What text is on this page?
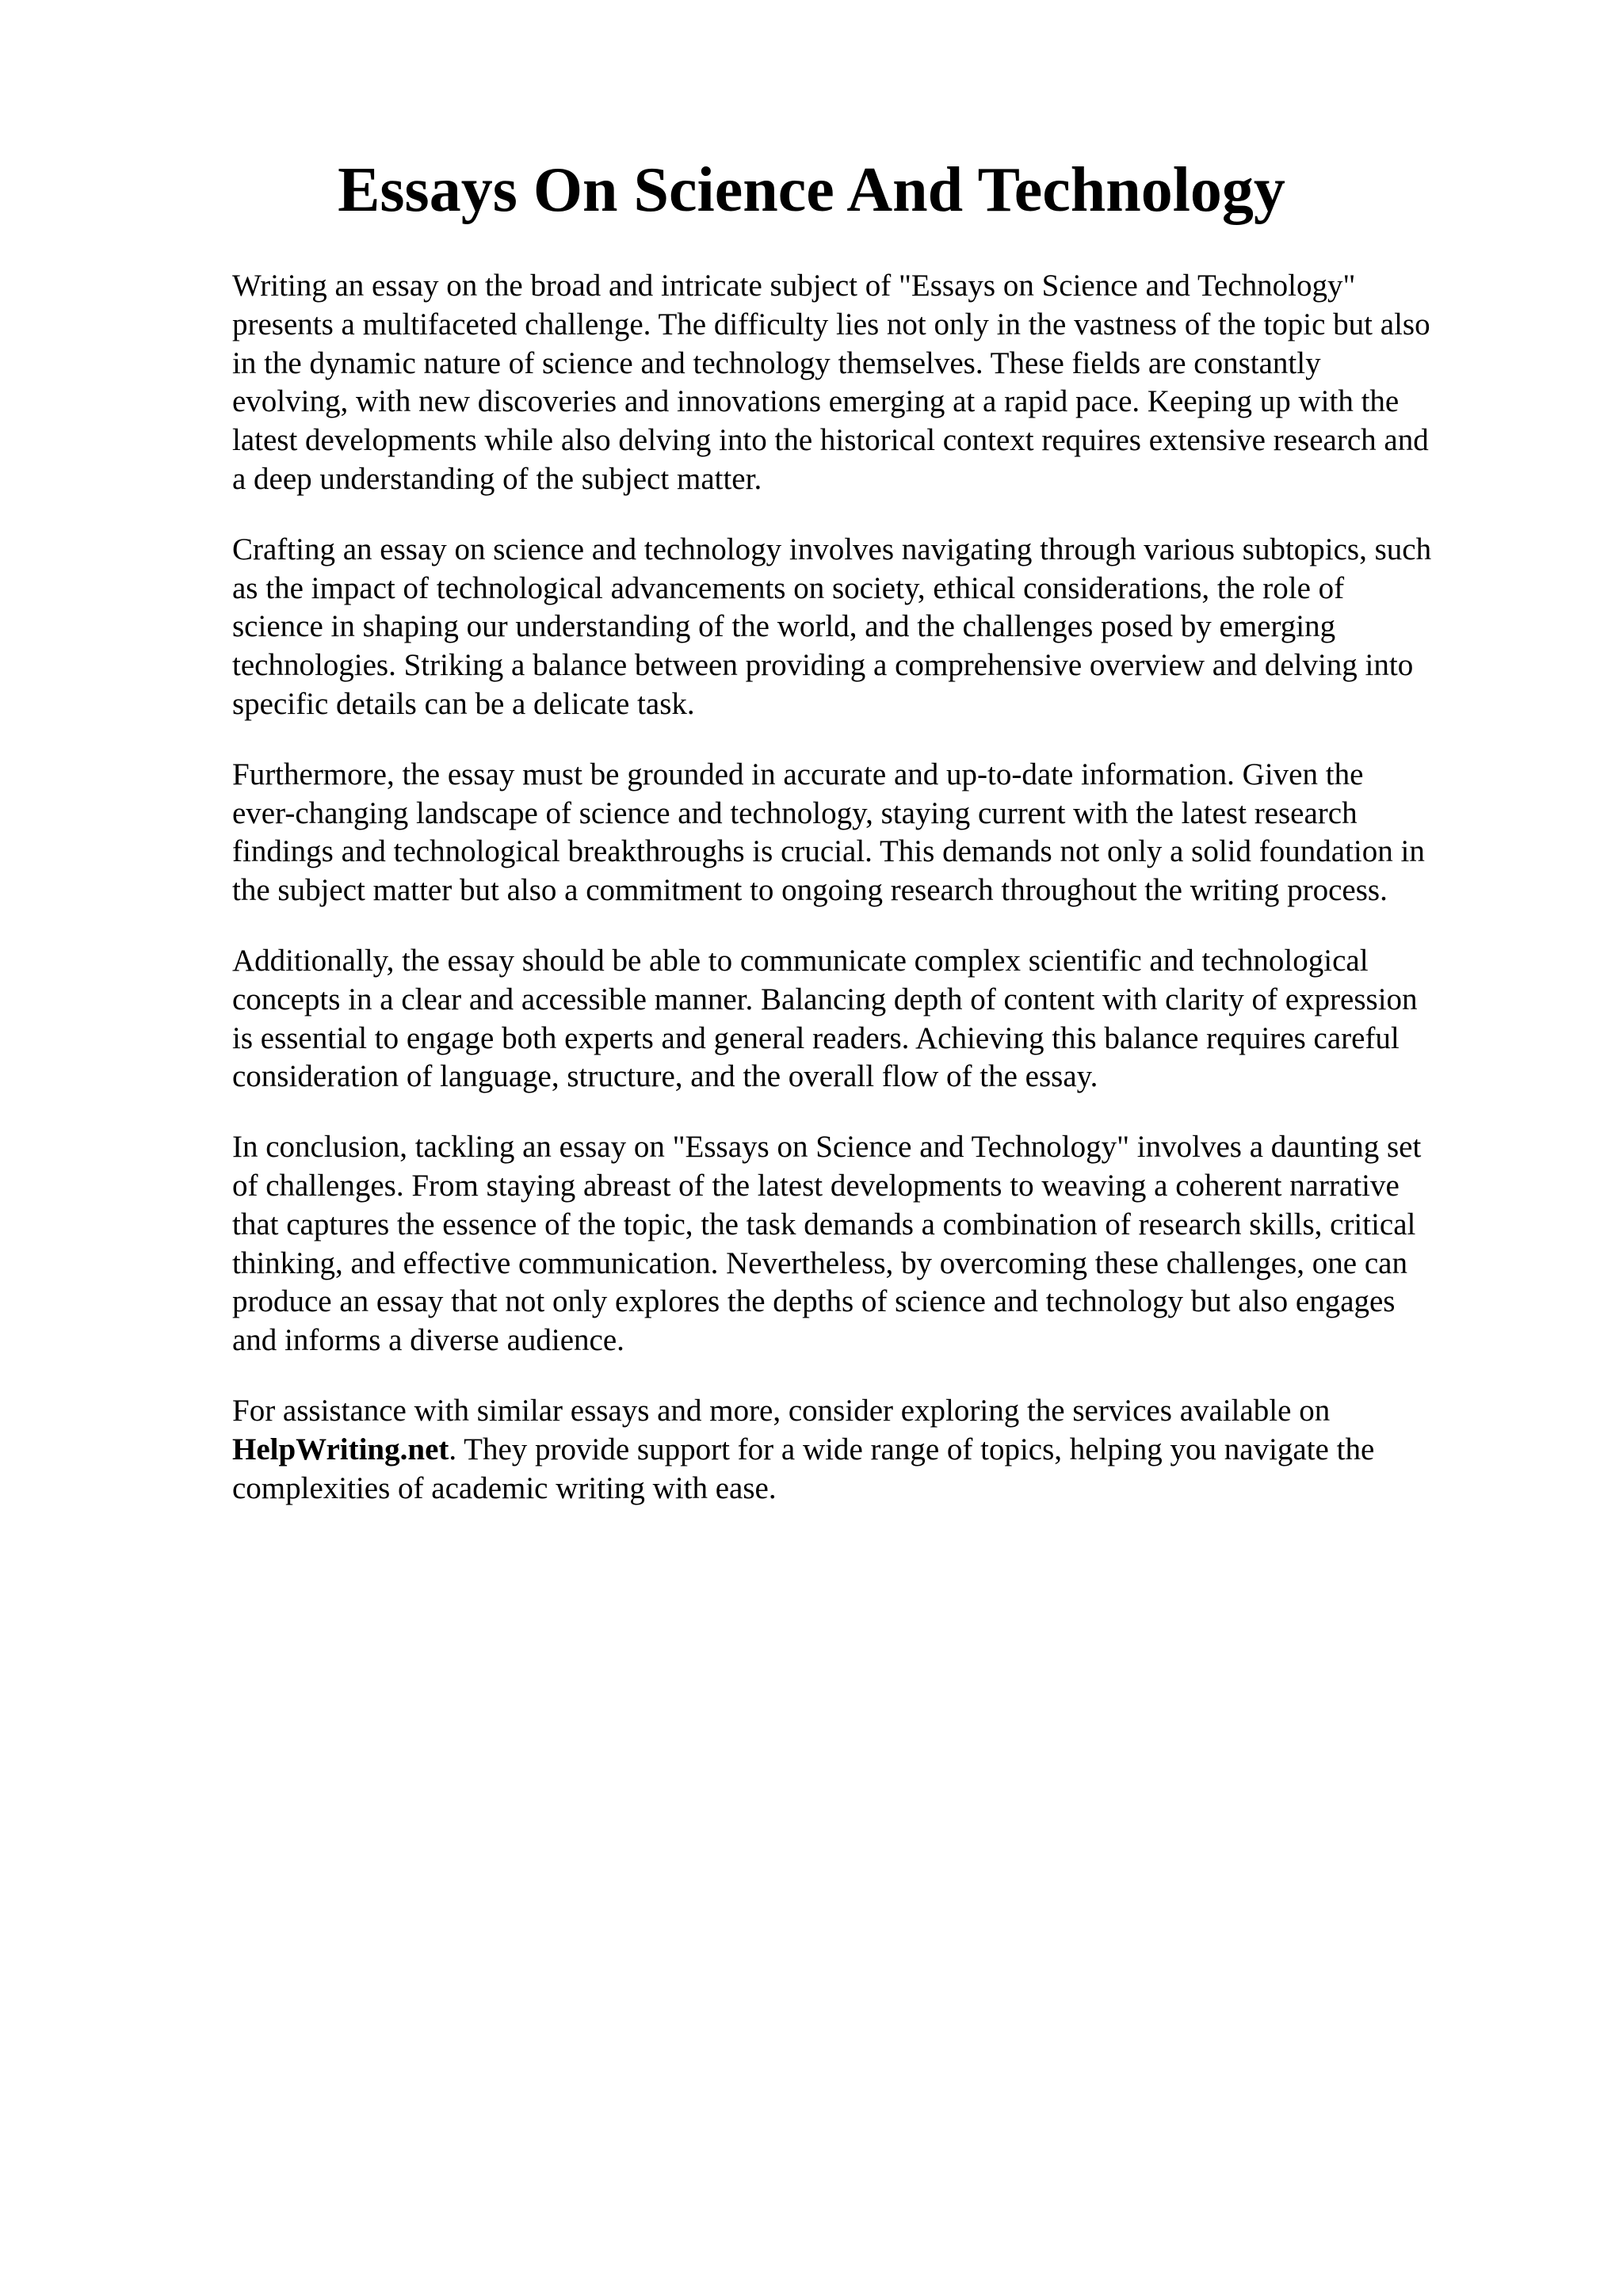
Essays On Science And Technology

Writing an essay on the broad and intricate subject of "Essays on Science and Technology"
presents a multifaceted challenge. The difficulty lies not only in the vastness of the topic but also
in the dynamic nature of science and technology themselves. These fields are constantly
evolving, with new discoveries and innovations emerging at a rapid pace. Keeping up with the
latest developments while also delving into the historical context requires extensive research and
a deep understanding of the subject matter.

Crafting an essay on science and technology involves navigating through various subtopics, such
as the impact of technological advancements on society, ethical considerations, the role of
science in shaping our understanding of the world, and the challenges posed by emerging
technologies. Striking a balance between providing a comprehensive overview and delving into
specific details can be a delicate task.

Furthermore, the essay must be grounded in accurate and up-to-date information. Given the
ever-changing landscape of science and technology, staying current with the latest research
findings and technological breakthroughs is crucial. This demands not only a solid foundation in
the subject matter but also a commitment to ongoing research throughout the writing process.

Additionally, the essay should be able to communicate complex scientific and technological
concepts in a clear and accessible manner. Balancing depth of content with clarity of expression
is essential to engage both experts and general readers. Achieving this balance requires careful
consideration of language, structure, and the overall flow of the essay.

In conclusion, tackling an essay on "Essays on Science and Technology" involves a daunting set
of challenges. From staying abreast of the latest developments to weaving a coherent narrative
that captures the essence of the topic, the task demands a combination of research skills, critical
thinking, and effective communication. Nevertheless, by overcoming these challenges, one can
produce an essay that not only explores the depths of science and technology but also engages
and informs a diverse audience.

For assistance with similar essays and more, consider exploring the services available on
HelpWriting.net. They provide support for a wide range of topics, helping you navigate the
complexities of academic writing with ease.
